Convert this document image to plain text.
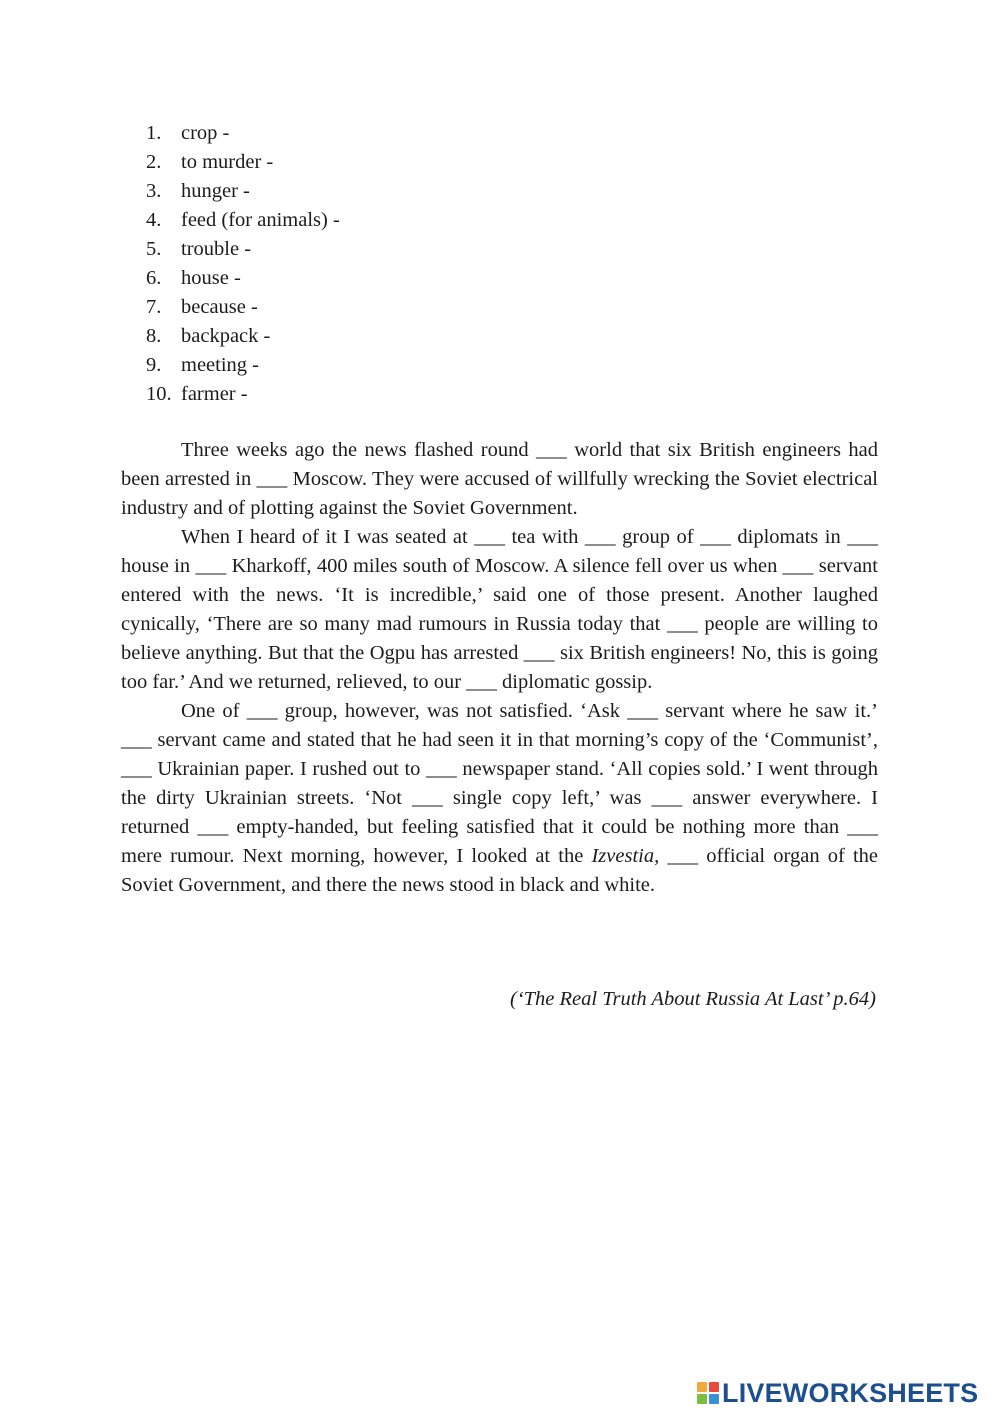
1. crop -
2. to murder -
3. hunger -
4. feed (for animals) -
5. trouble -
6. house -
7. because -
8. backpack -
9. meeting -
10. farmer -

Three weeks ago the news flashed round ___ world that six British engineers had been arrested in ___ Moscow. They were accused of willfully wrecking the Soviet electrical industry and of plotting against the Soviet Government.

When I heard of it I was seated at ___ tea with ___ group of ___ diplomats in ___ house in ___ Kharkoff, 400 miles south of Moscow. A silence fell over us when ___ servant entered with the news. ‘It is incredible,’ said one of those present. Another laughed cynically, ‘There are so many mad rumours in Russia today that ___ people are willing to believe anything. But that the Ogpu has arrested ___ six British engineers! No, this is going too far.’ And we returned, relieved, to our ___ diplomatic gossip.

One of ___ group, however, was not satisfied. ‘Ask ___ servant where he saw it.’ ___ servant came and stated that he had seen it in that morning’s copy of the ‘Communist’, ___ Ukrainian paper. I rushed out to ___ newspaper stand. ‘All copies sold.’ I went through the dirty Ukrainian streets. ‘Not ___ single copy left,’ was ___ answer everywhere. I returned ___ empty-handed, but feeling satisfied that it could be nothing more than ___ mere rumour. Next morning, however, I looked at the Izvestia, ___ official organ of the Soviet Government, and there the news stood in black and white.

(‘The Real Truth About Russia At Last’ p.64)
LIVEWORKSHEETS
